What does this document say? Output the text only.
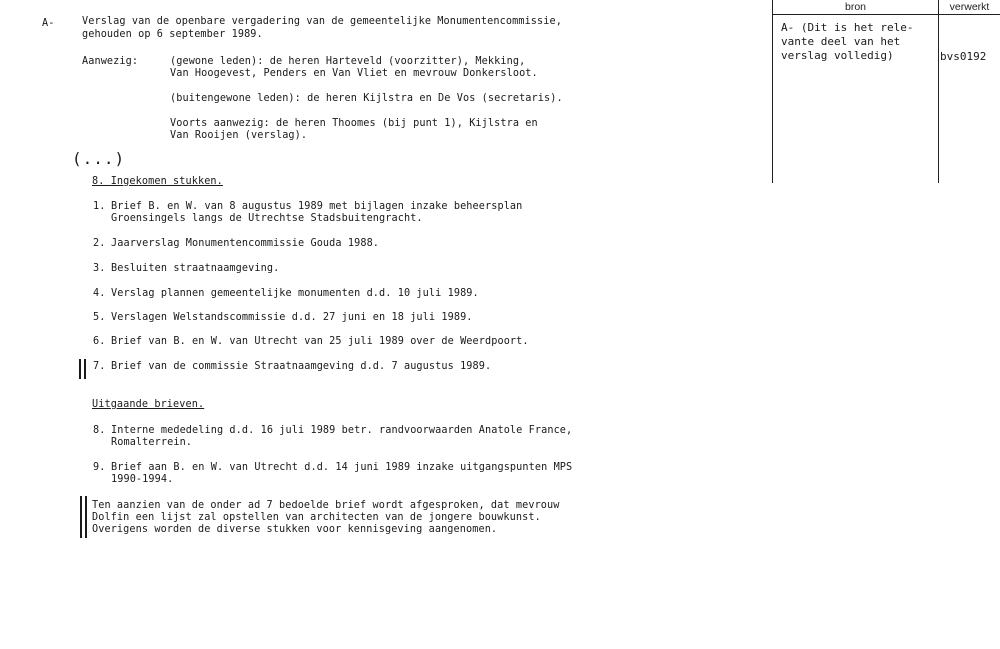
A-	Verslag van de openbare vergadering van de gemeentelijke Monumentencommissie,
gehouden op 6 september 1989.
Aanwezig:	(gewone leden): de heren Harteveld (voorzitter), Mekking,
Van Hoogevest, Penders en Van Vliet en mevrouw Donkersloot.
(buitengewone leden): de heren Kijlstra en De Vos (secretaris).
Voorts aanwezig: de heren Thoomes (bij punt 1), Kijlstra en
Van Rooijen (verslag).
(...)
8. Ingekomen stukken.
1. Brief B. en W. van 8 augustus 1989 met bijlagen inzake beheersplan
Groensingels langs de Utrechtse Stadsbuitengracht.
2. Jaarverslag Monumentencommissie Gouda 1988.
3. Besluiten straatnaamgeving.
4. Verslag plannen gemeentelijke monumenten d.d. 10 juli 1989.
5. Verslagen Welstandscommissie d.d. 27 juni en 18 juli 1989.
6. Brief van B. en W. van Utrecht van 25 juli 1989 over de Weerdpoort.
7. Brief van de commissie Straatnaamgeving d.d. 7 augustus 1989.
Uitgaande brieven.
8. Interne mededeling d.d. 16 juli 1989 betr. randvoorwaarden Anatole France,
Romalterrein.
9. Brief aan B. en W. van Utrecht d.d. 14 juni 1989 inzake uitgangspunten MPS
1990-1994.
Ten aanzien van de onder ad 7 bedoelde brief wordt afgesproken, dat mevrouw
Dolfin een lijst zal opstellen van architecten van de jongere bouwkunst.
Overigens worden de diverse stukken voor kennisgeving aangenomen.
bron	verwerkt
A- (Dit is het rele-
vante deel van het
verslag volledig)	bvs0192
